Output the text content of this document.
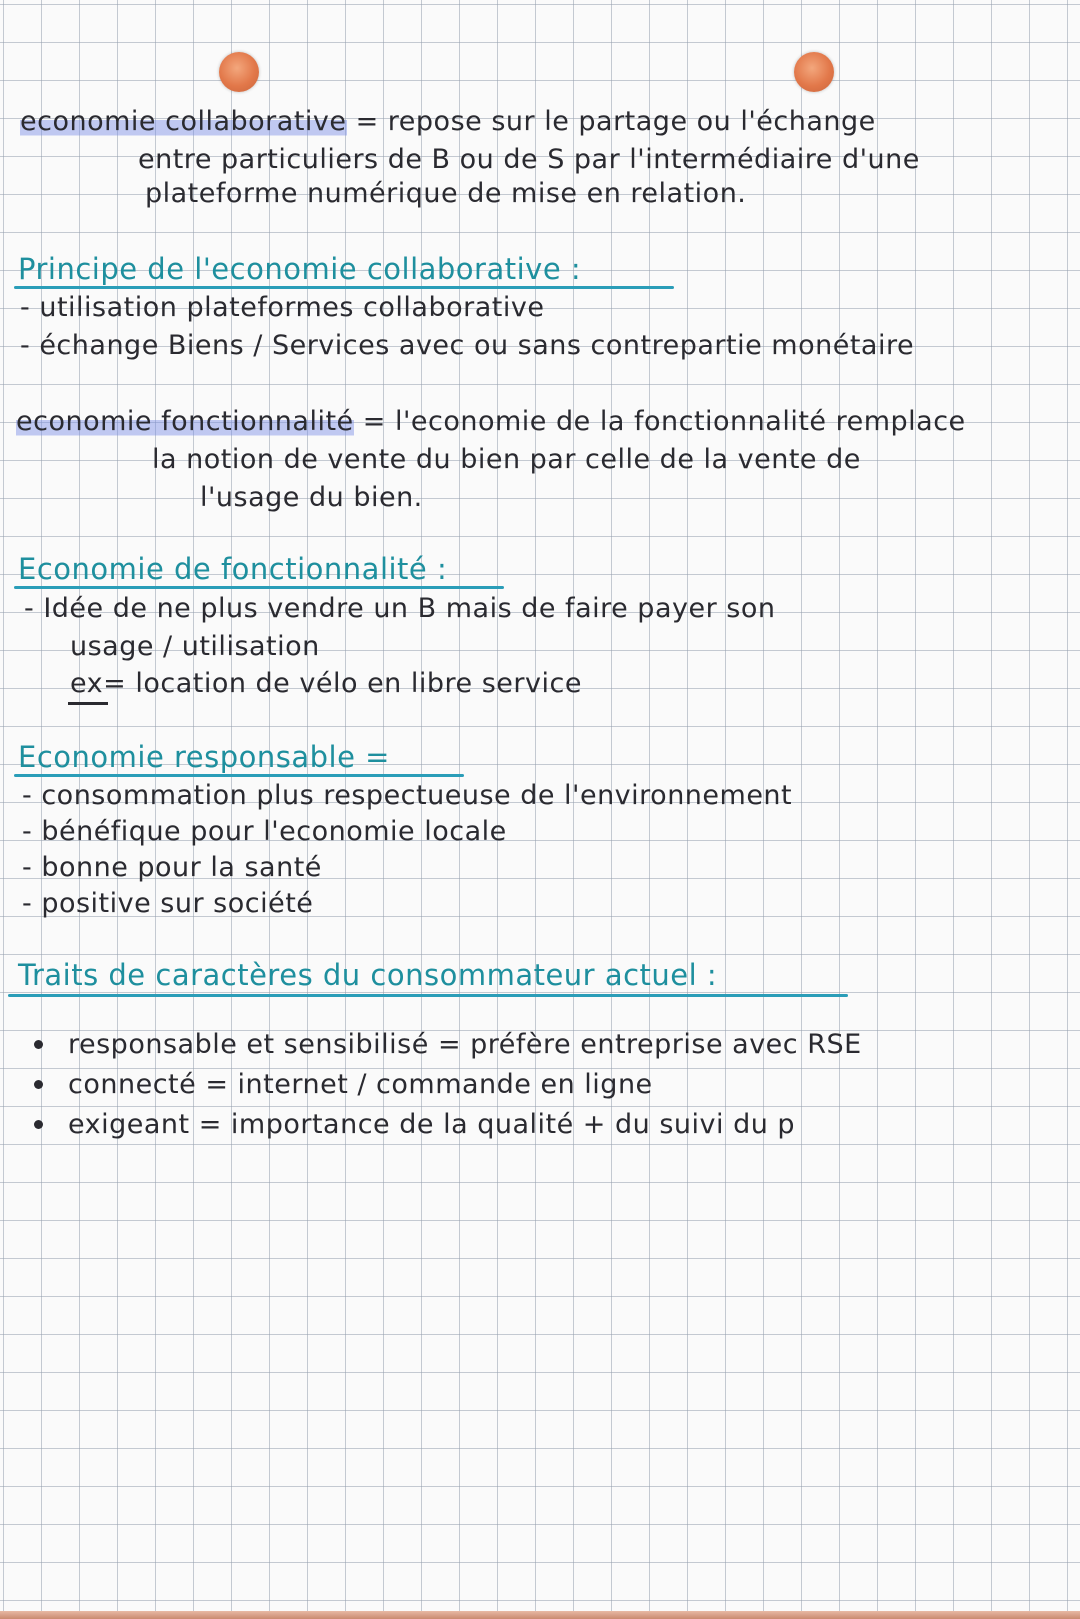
economie collaborative = repose sur le partage ou l'échange
entre particuliers de B ou de S par l'intermédiaire d'une
plateforme numérique de mise en relation.
Principe de l'economie collaborative :
- utilisation plateformes collaborative
- échange Biens / Services avec ou sans contrepartie monétaire
economie fonctionnalité = l'economie de la fonctionnalité remplace
la notion de vente du bien par celle de la vente de
l'usage du bien.
Economie de fonctionnalité :
- Idée de ne plus vendre un B mais de faire payer son
usage / utilisation
ex= location de vélo en libre service
Economie responsable =
- consommation plus respectueuse de l'environnement
- bénéfique pour l'economie locale
- bonne pour la santé
- positive sur société
Traits de caractères du consommateur actuel :
responsable et sensibilisé = préfère entreprise avec RSE
connecté = internet / commande en ligne
exigeant = importance de la qualité + du suivi du p
